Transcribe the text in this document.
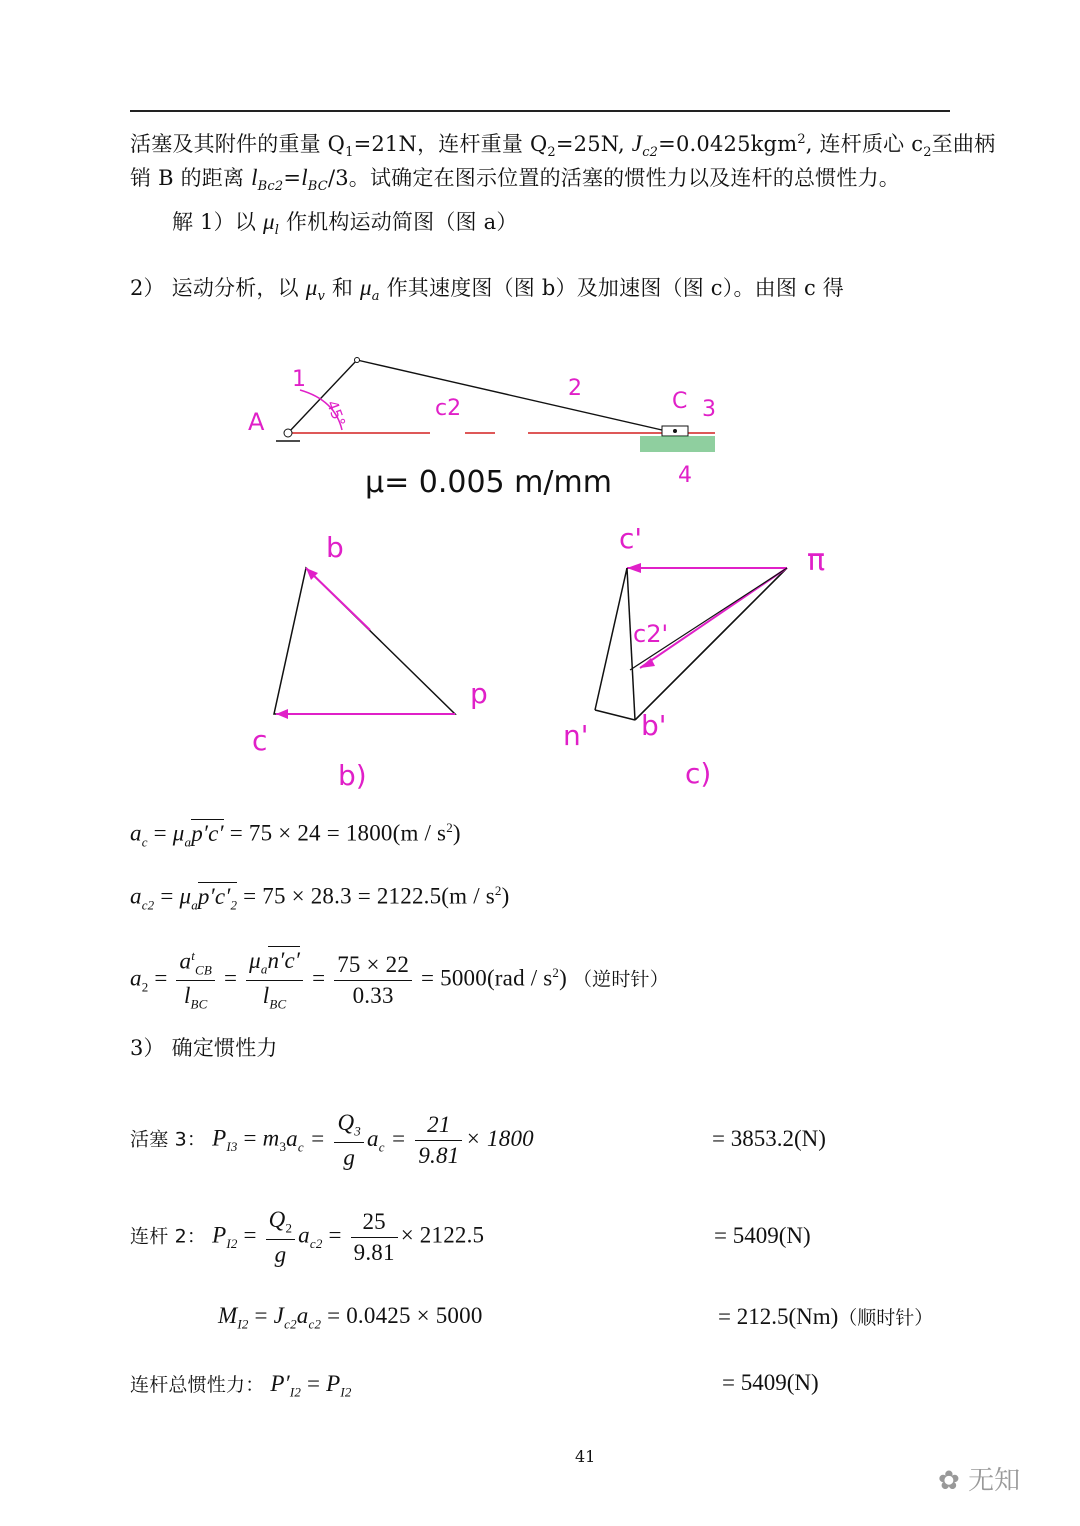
活塞及其附件的重量 $Q_1=21N$，连杆重量 $Q_2=25N$, $J_{c2}=0.0425kgm^2$, 连杆质心 $c_2$至曲柄
销 B 的距离 $l_{Bc2}=l_{BC}/3$。试确定在图示位置的活塞的惯性力以及连杆的总惯性力。
解 1）以 $\mu_l$ 作机构运动简图（图 a）
2） 运动分析，以 $\mu_v$ 和 $\mu_a$ 作其速度图（图 b）及加速图（图 c）。由图 c 得
A
1
45°	c2
2
C 3
4
μ= 0.005 m/mm
b
p
c
b)
c'
π
c2'
n' b'
c)
$a_c = \mu_ap'c' = 75 \times 24 = 1800(m / s^2)$
$a_{c2} = \mu_ap'c'_2 = 75 \times 28.3 = 2122.5(m / s^2)$
$a_2 = \frac{a^t_{CB}}{l_{BC}} = \frac{\mu_an'c'}{l_{BC}} = \frac{75 \times 22}{0.33} = 5000(rad / s^2)$ （逆时针）
3） 确定惯性力
活塞 3： $P_{I3} = m_3a_c = \frac{Q_3}{g} a_c = \frac{21}{9.81} \times 1800$	= 3853.2(N)
连杆 2： $P_{I2} = \frac{Q_2}{g} a_{c2} = \frac{25}{9.81} \times 2122.5$	= 5409(N)
$M_{I2} = J_{c2}a_{c2} = 0.0425 \times 5000$	= 212.5(Nm)（顺时针）
连杆总惯性力： $P'_{I2} = P_{I2}$	= 5409(N)
41
✿ 无知
